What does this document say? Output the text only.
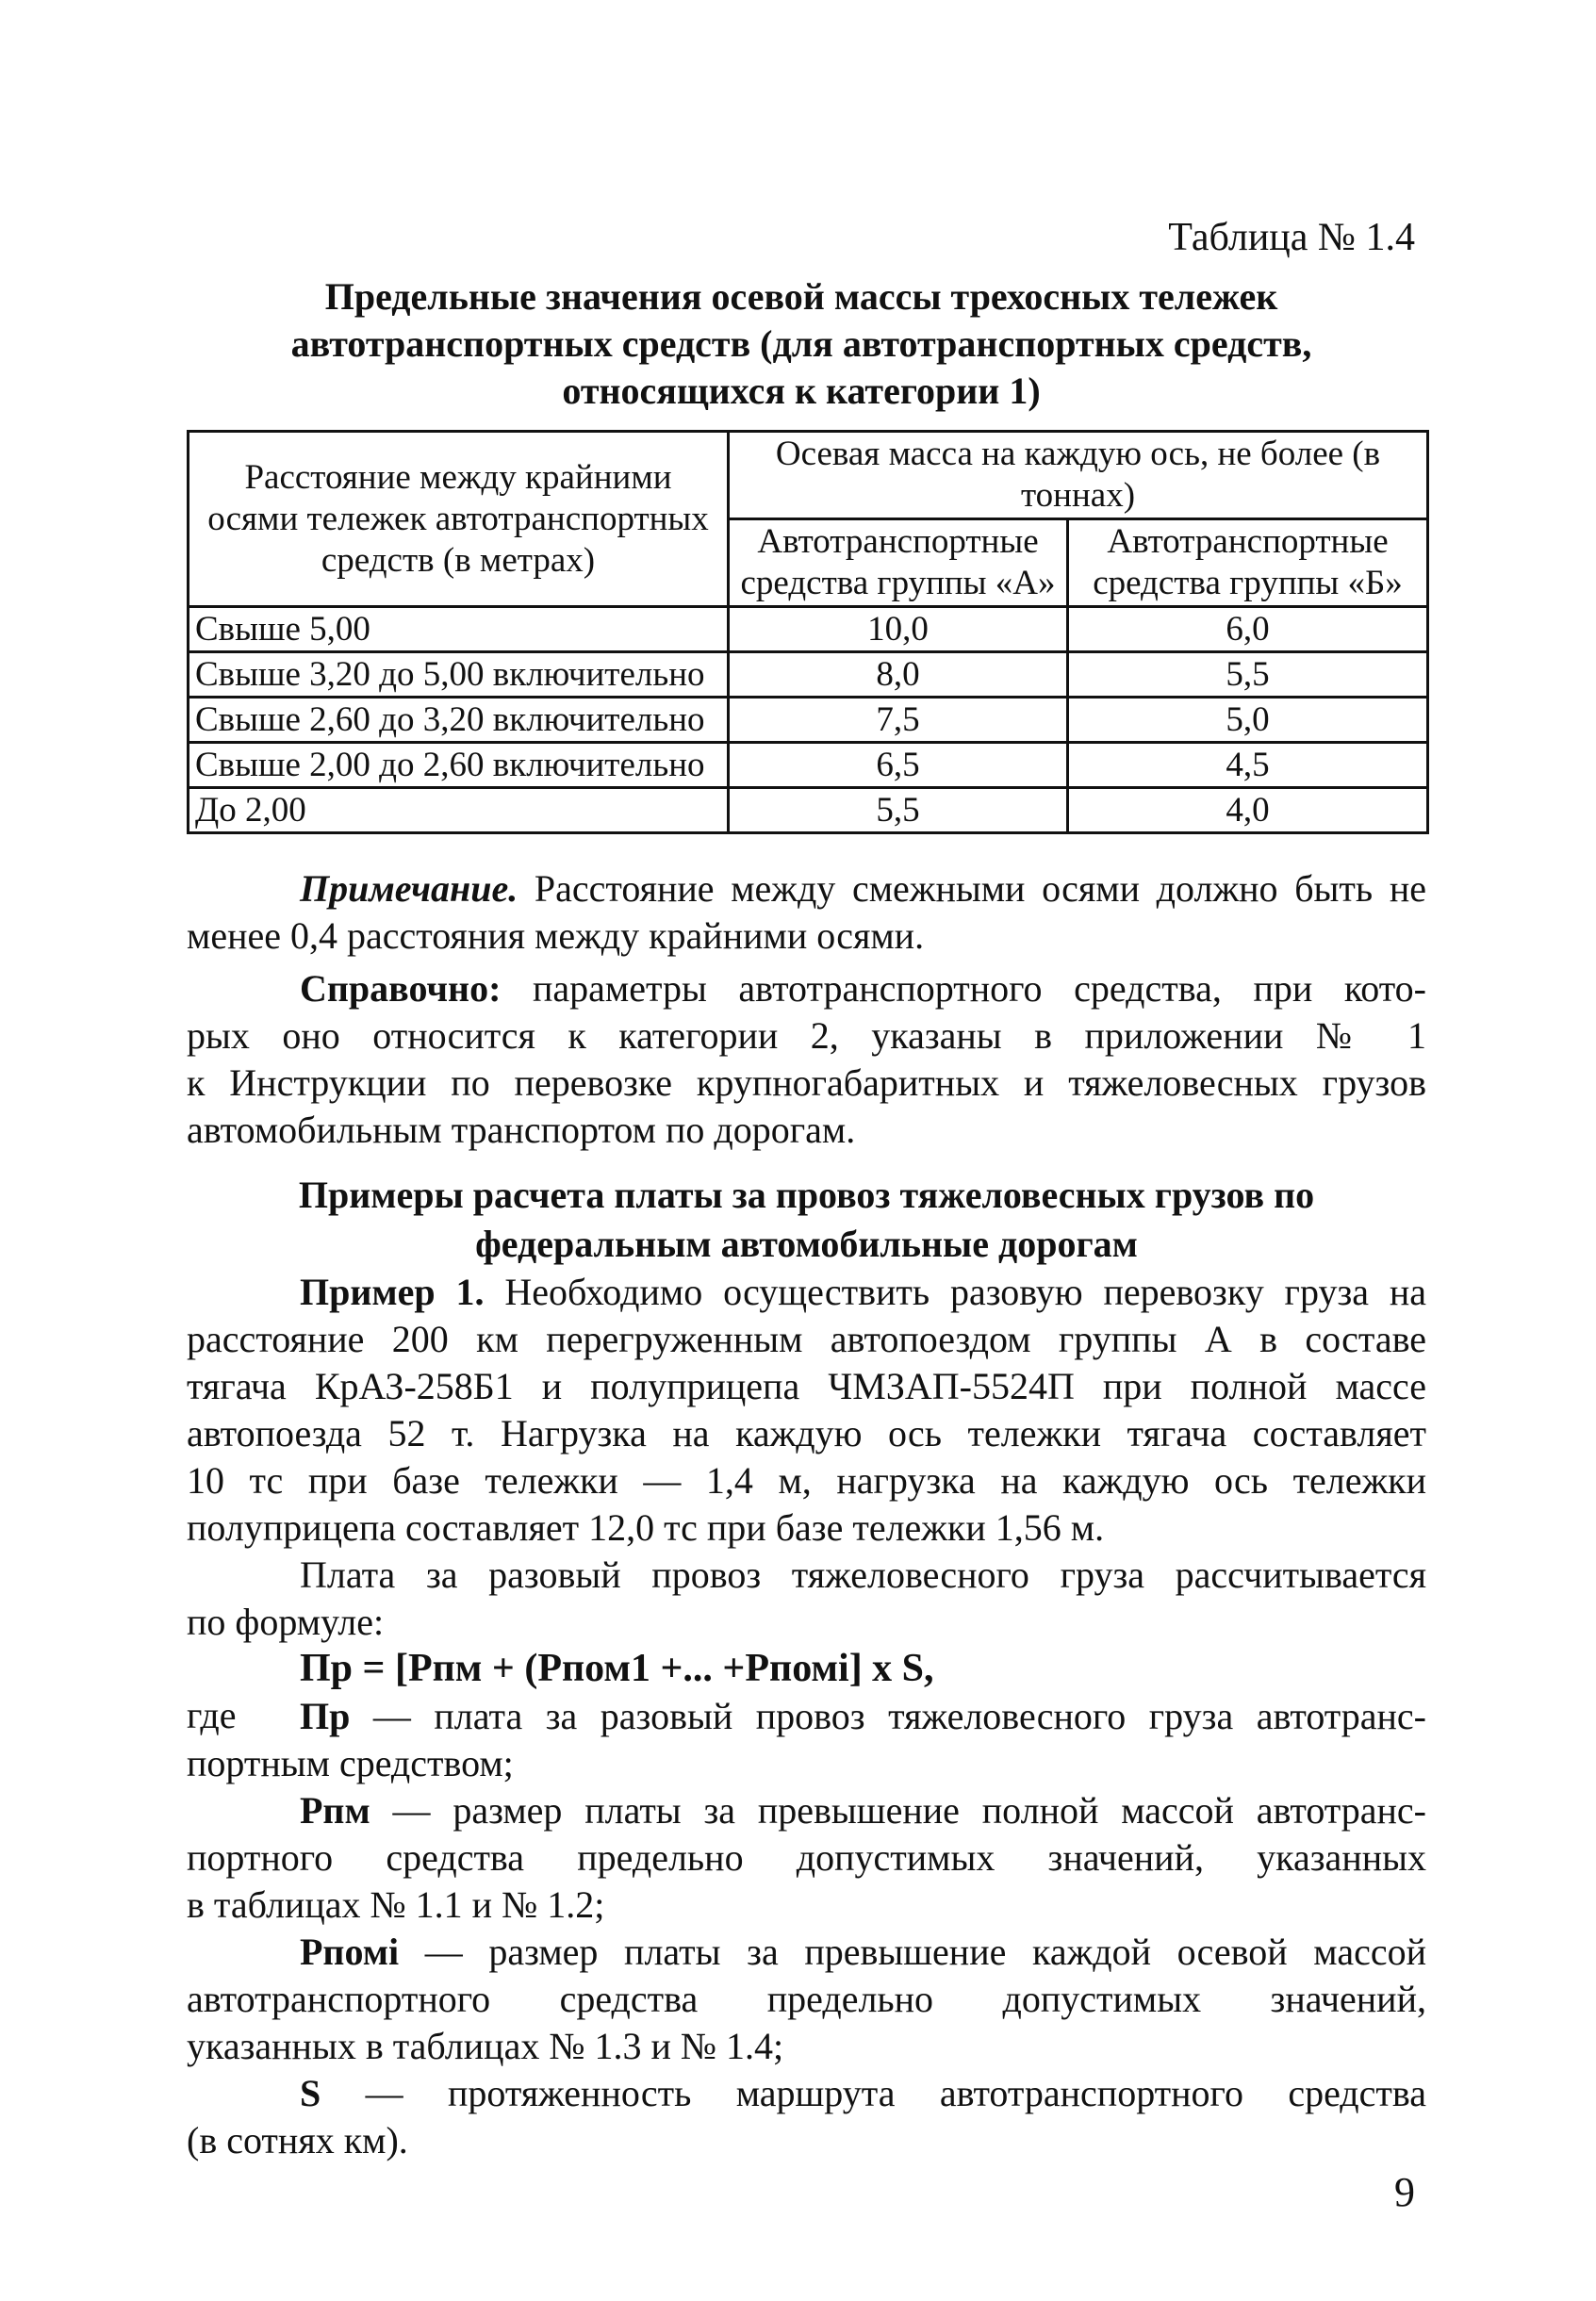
Таблица № 1.4
Предельные значения осевой массы трехосных тележек
автотранспортных средств (для автотранспортных средств,
относящихся к категории 1)
Расстояние между крайними осями тележек автотранспортных средств (в метрах)	Осевая масса на каждую ось, не более (в тоннах)	
	Автотранспортные средства группы «А»	Автотранспортные средства группы «Б»
Свыше 5,00	10,0	6,0
Свыше 3,20 до 5,00 включительно	8,0	5,5
Свыше 2,60 до 3,20 включительно	7,5	5,0
Свыше 2,00 до 2,60 включительно	6,5	4,5
До 2,00	5,5	4,0
Примечание. Расстояние между смежными осями должно быть не
менее 0,4 расстояния между крайними осями.
Справочно: параметры автотранспортного средства, при кото-
рых оно относится к категории 2, указаны в приложении № 1
к Инструкции по перевозке крупногабаритных и тяжеловесных грузов
автомобильным транспортом по дорогам.
Примеры расчета платы за провоз тяжеловесных грузов по
федеральным автомобильные дорогам
Пример 1. Необходимо осуществить разовую перевозку груза на
расстояние 200 км перегруженным автопоездом группы А в составе
тягача КрАЗ-258Б1 и полуприцепа ЧМЗАП-5524П при полной массе
автопоезда 52 т. Нагрузка на каждую ось тележки тягача составляет
10 тс при базе тележки — 1,4 м, нагрузка на каждую ось тележки
полуприцепа составляет 12,0 тс при базе тележки 1,56 м.
Плата за разовый провоз тяжеловесного груза рассчитывается
по формуле:
Пр = [Рпм + (Рпом1 +... +Рпомi] х S,
где	Пр — плата за разовый провоз тяжеловесного груза автотранс-
портным средством;
Рпм — размер платы за превышение полной массой автотранс-
портного средства предельно допустимых значений, указанных
в таблицах № 1.1 и № 1.2;
Рпомi — размер платы за превышение каждой осевой массой
автотранспортного средства предельно допустимых значений,
указанных в таблицах № 1.3 и № 1.4;
S — протяженность маршрута автотранспортного средства
(в сотнях км).
9
